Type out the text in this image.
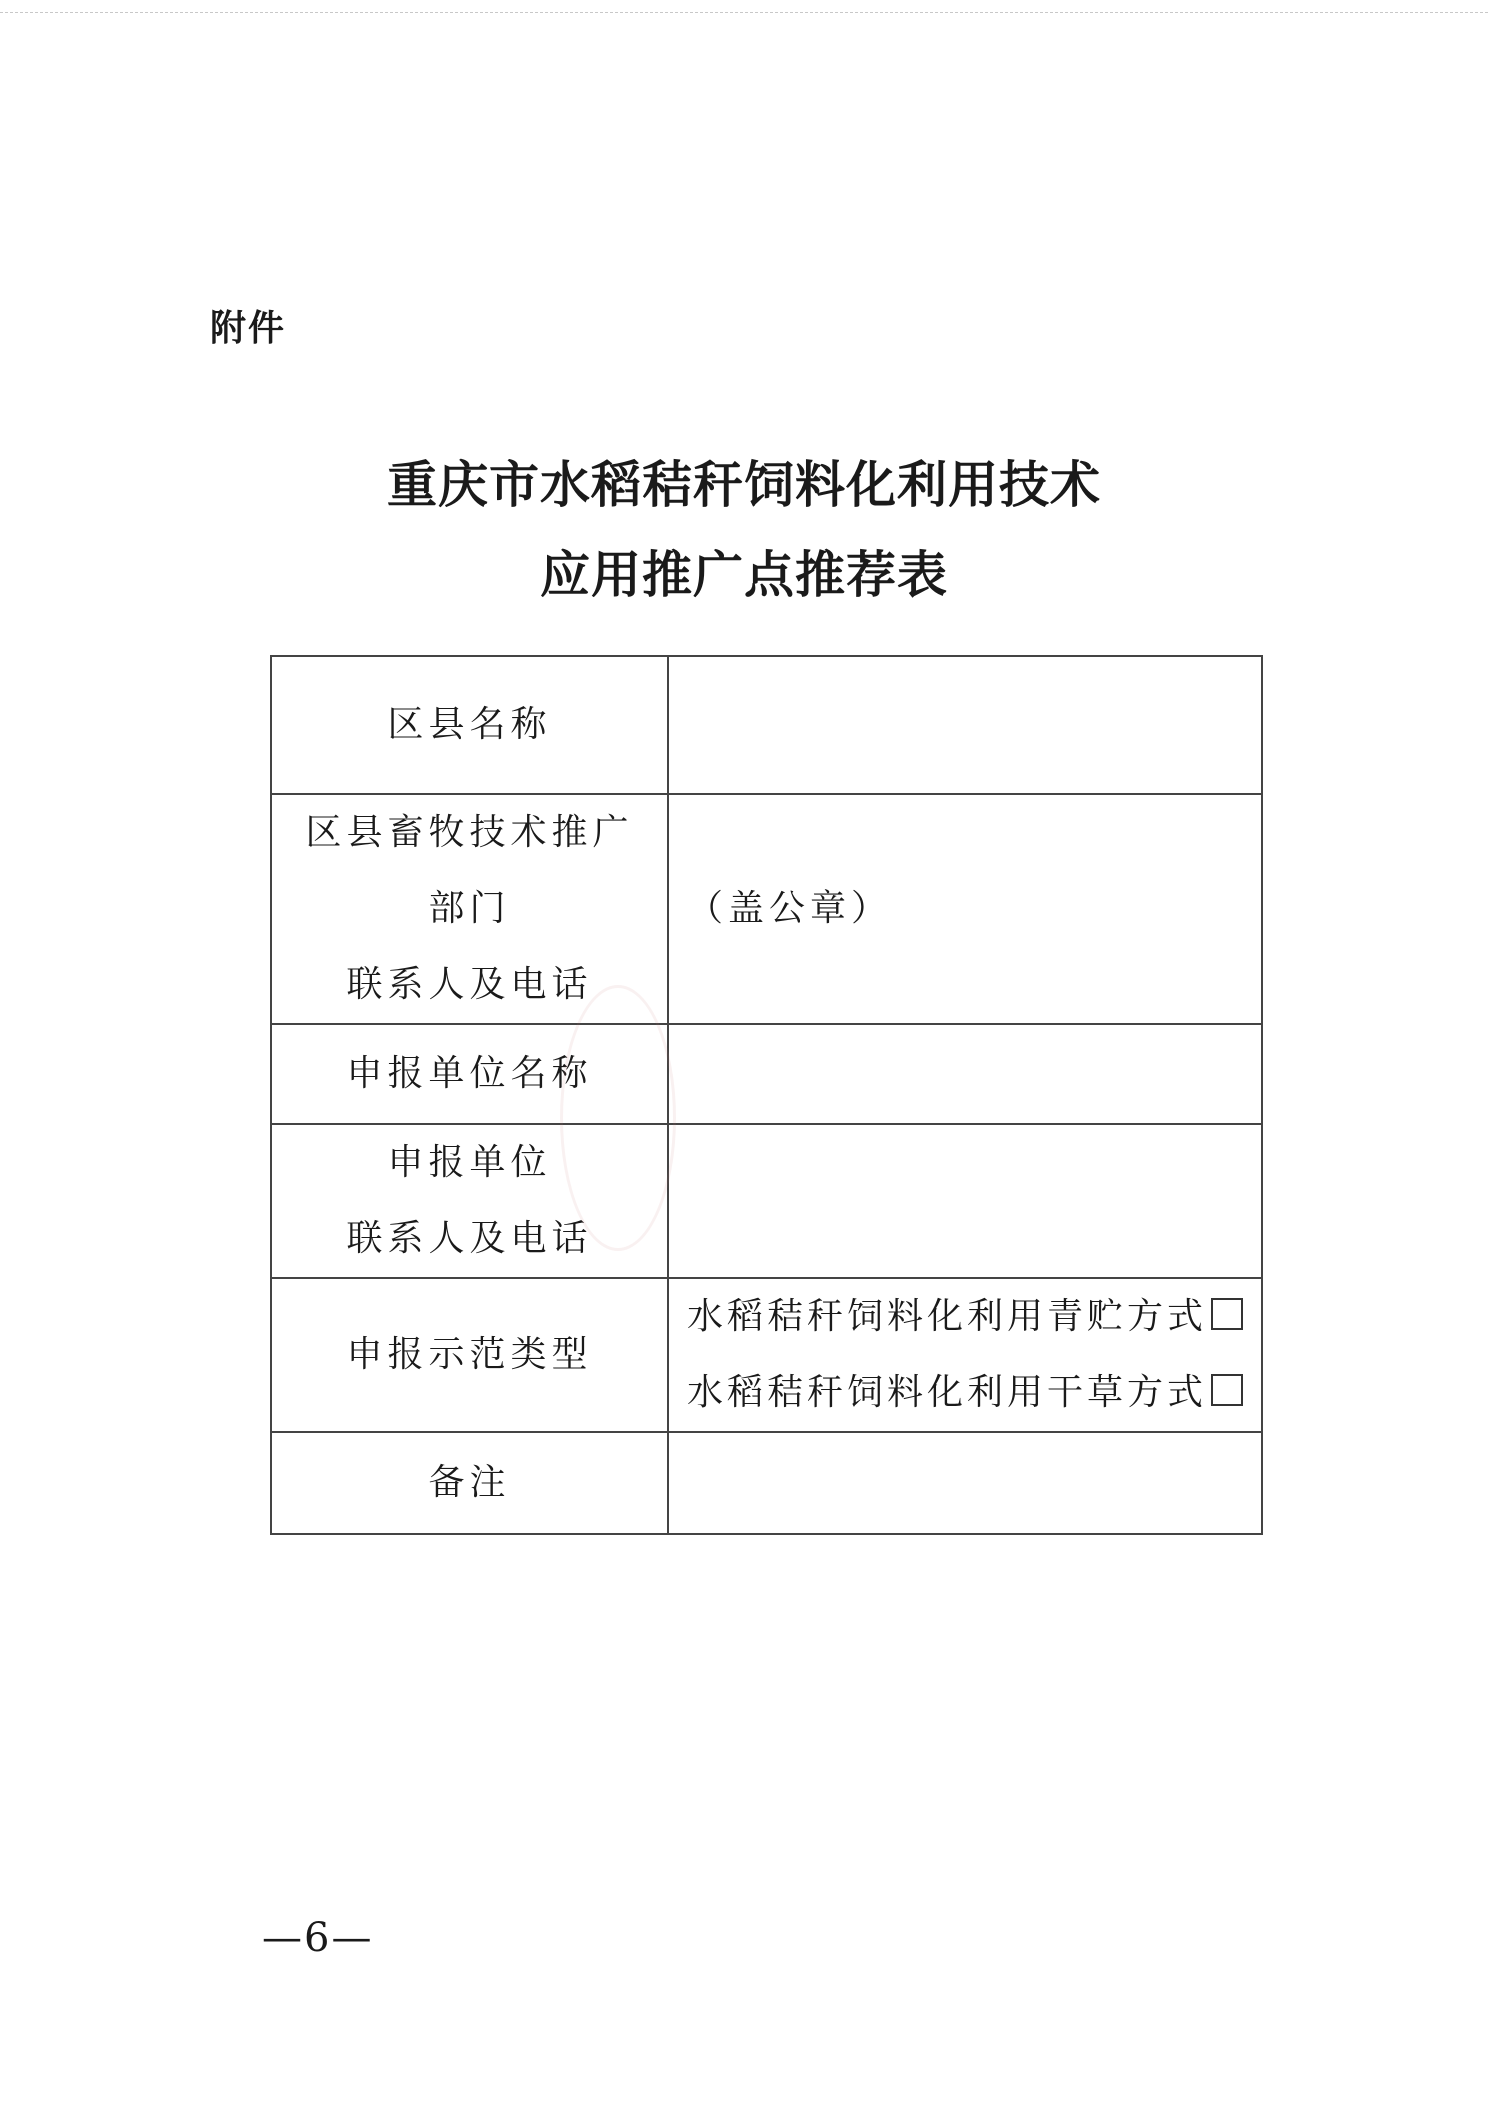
附件
重庆市水稻秸秆饲料化利用技术
应用推广点推荐表
区县名称	

区县畜牧技术推广
部门
联系人及电话	（盖公章）

申报单位名称	

申报单位
联系人及电话	

申报示范类型	水稻秸秆饲料化利用青贮方式
水稻秸秆饲料化利用干草方式

备注	

—6—
